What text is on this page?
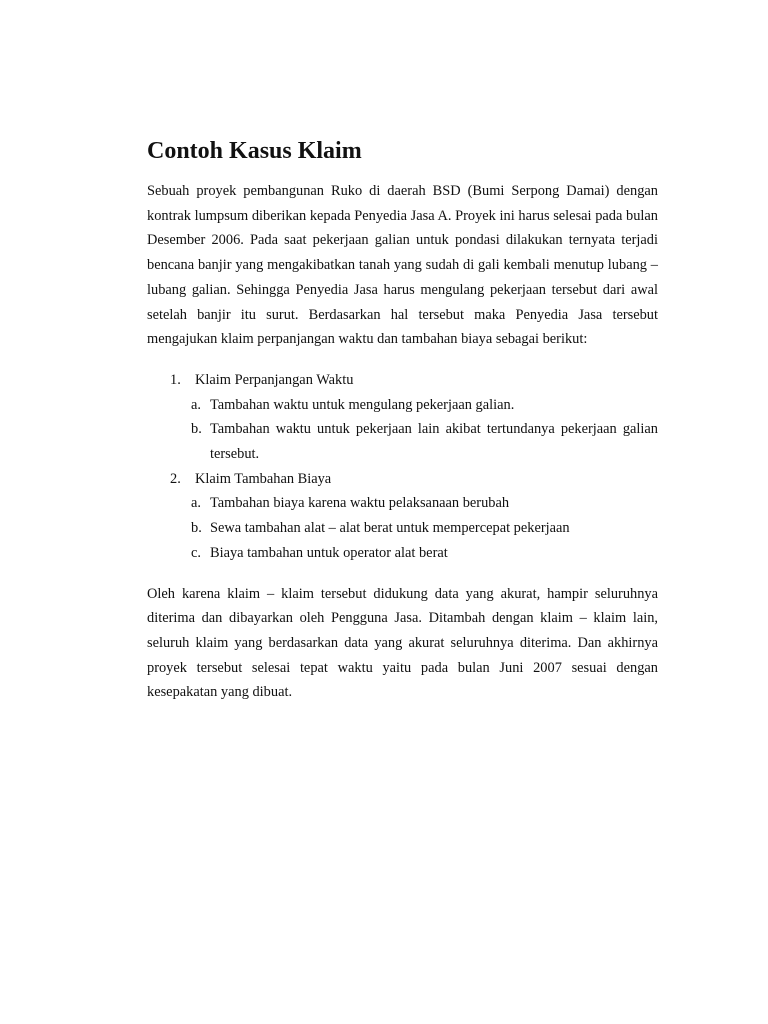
Contoh Kasus Klaim

Sebuah proyek pembangunan Ruko di daerah BSD (Bumi Serpong Damai) dengan kontrak lumpsum diberikan kepada Penyedia Jasa A. Proyek ini harus selesai pada bulan Desember 2006. Pada saat pekerjaan galian untuk pondasi dilakukan ternyata terjadi bencana banjir yang mengakibatkan tanah yang sudah di gali kembali menutup lubang – lubang galian. Sehingga Penyedia Jasa harus mengulang pekerjaan tersebut dari awal setelah banjir itu surut. Berdasarkan hal tersebut maka Penyedia Jasa tersebut mengajukan klaim perpanjangan waktu dan tambahan biaya sebagai berikut:

1. Klaim Perpanjangan Waktu
a. Tambahan waktu untuk mengulang pekerjaan galian.
b. Tambahan waktu untuk pekerjaan lain akibat tertundanya pekerjaan galian tersebut.
2. Klaim Tambahan Biaya
a. Tambahan biaya karena waktu pelaksanaan berubah
b. Sewa tambahan alat – alat berat untuk mempercepat pekerjaan
c. Biaya tambahan untuk operator alat berat

Oleh karena klaim – klaim tersebut didukung data yang akurat, hampir seluruhnya diterima dan dibayarkan oleh Pengguna Jasa. Ditambah dengan klaim – klaim lain, seluruh klaim yang berdasarkan data yang akurat seluruhnya diterima. Dan akhirnya proyek tersebut selesai tepat waktu yaitu pada bulan Juni 2007 sesuai dengan kesepakatan yang dibuat.
